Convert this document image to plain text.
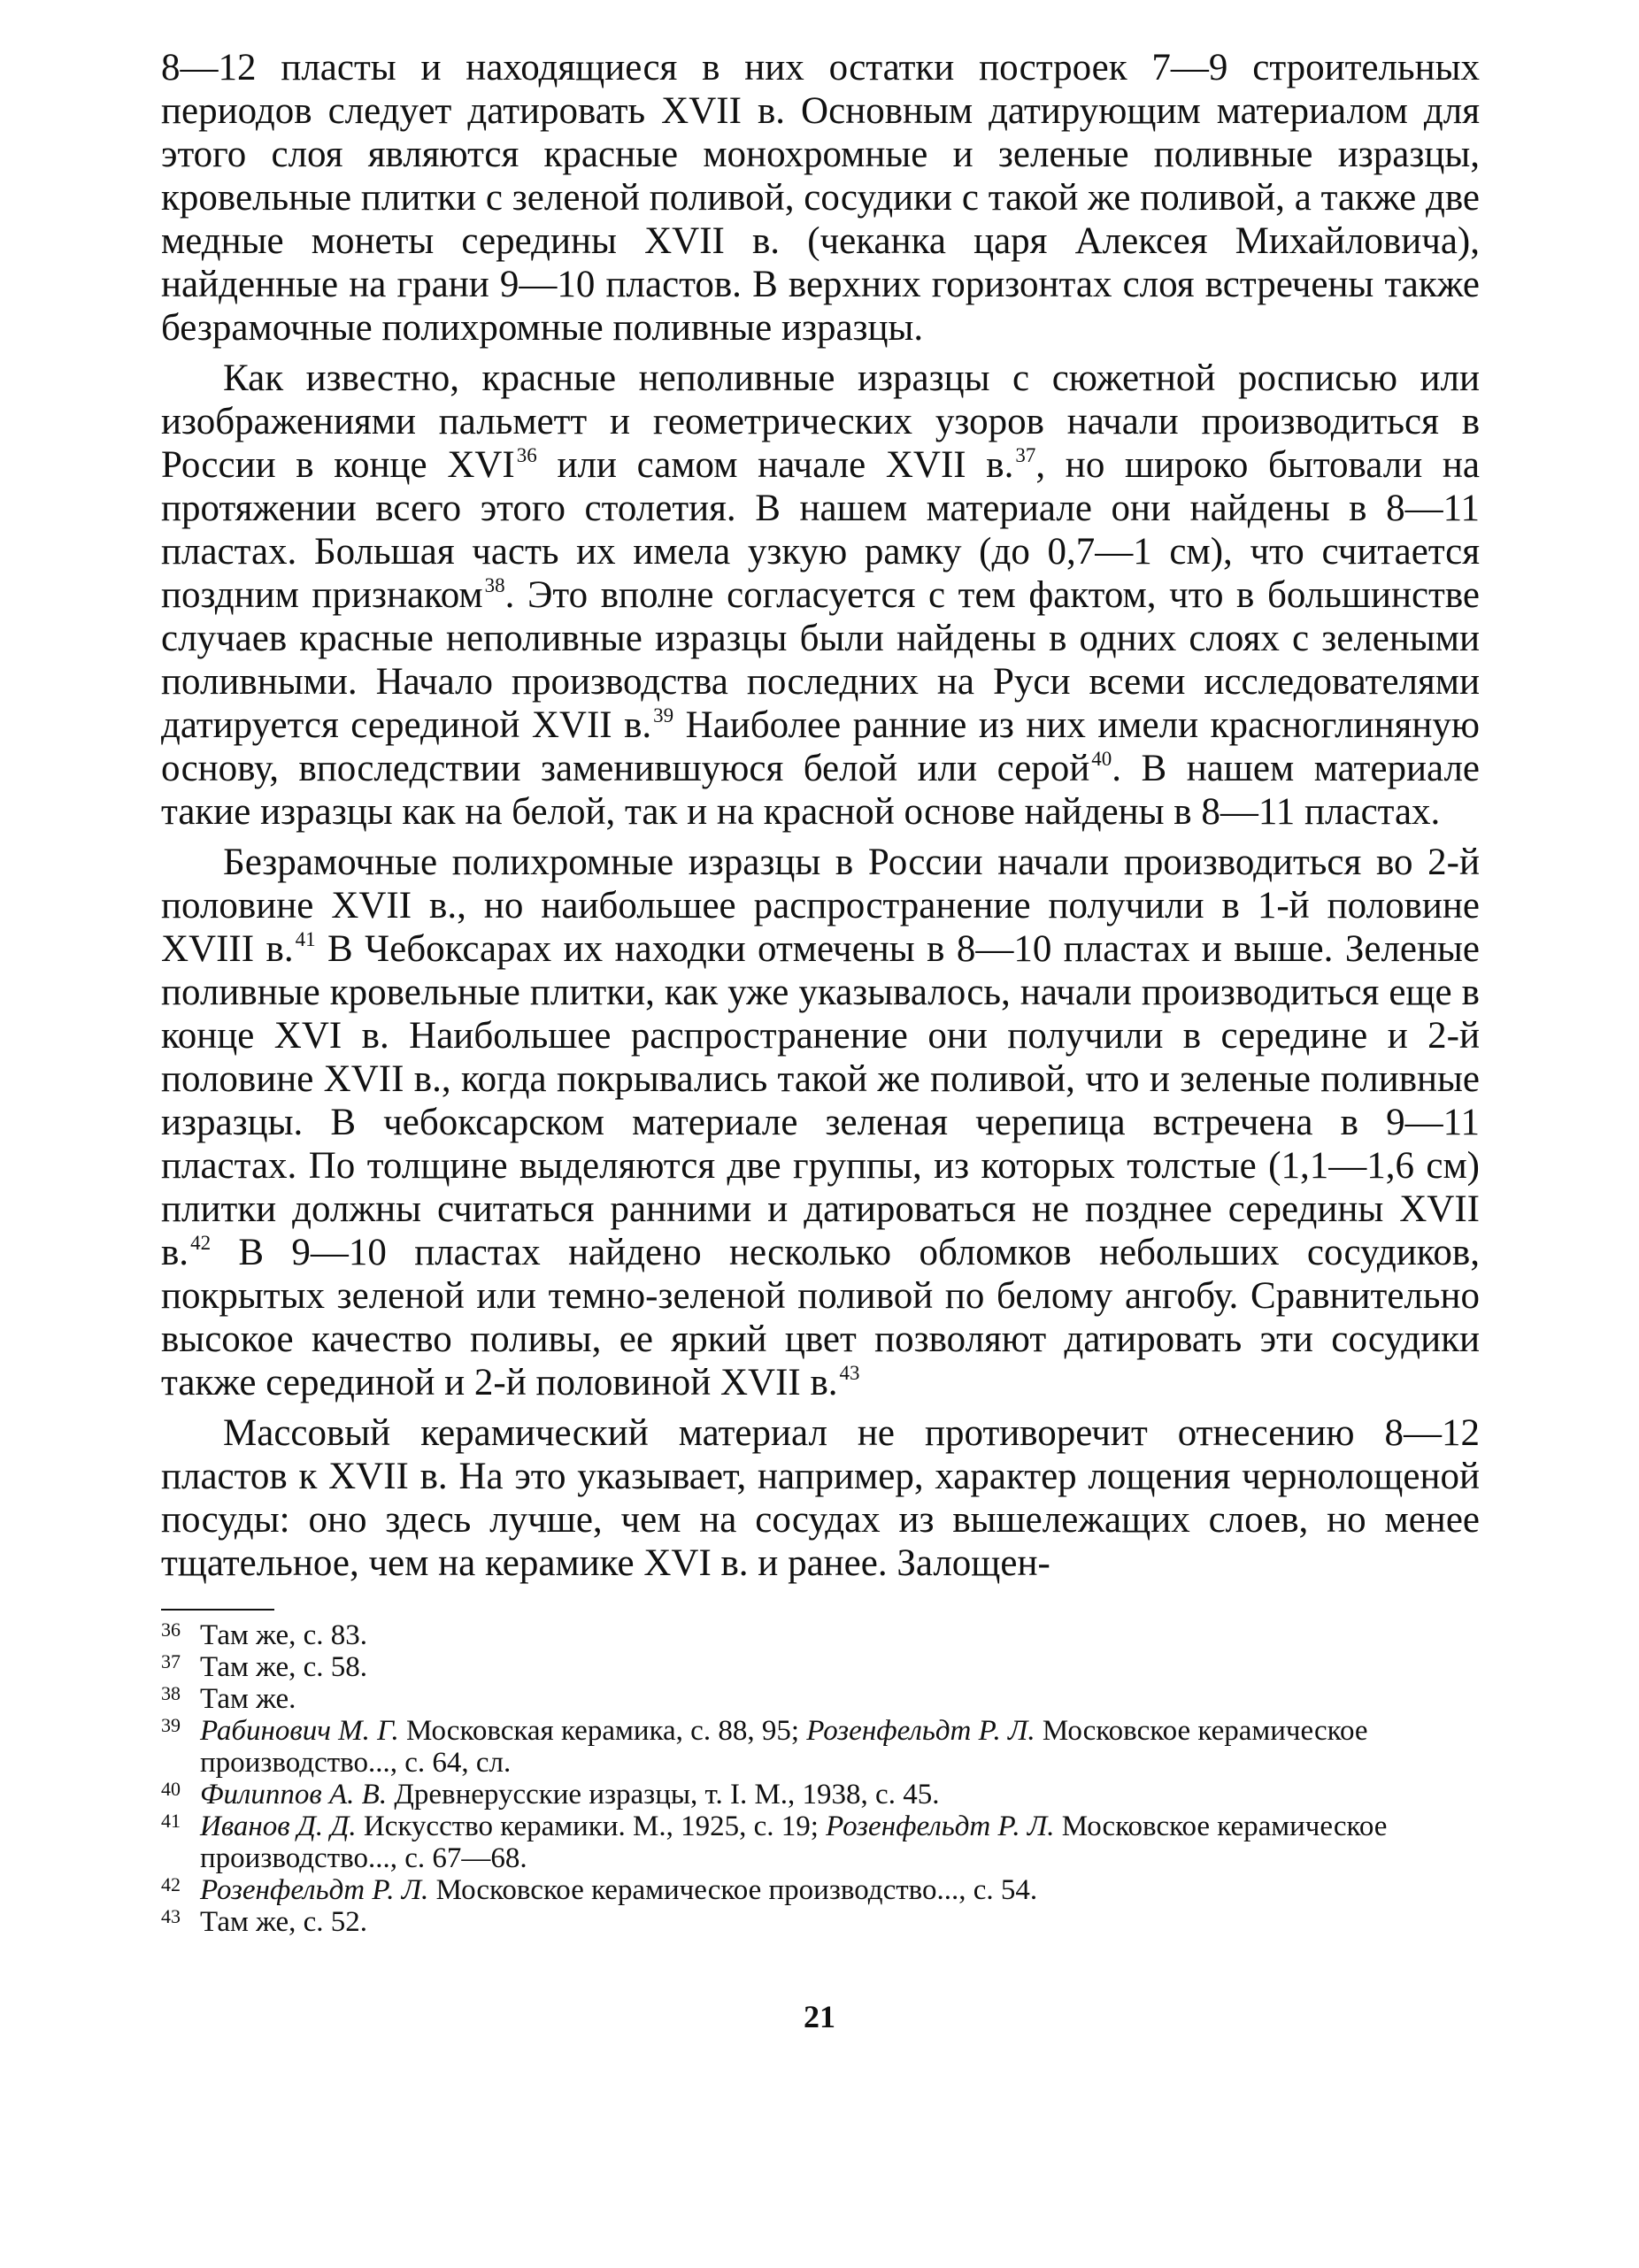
8—12 пласты и находящиеся в них остатки построек 7—9 строительных периодов следует датировать XVII в. Основным датирующим материалом для этого слоя являются красные монохромные и зеленые поливные изразцы, кровельные плитки с зеленой поливой, сосудики с такой же поливой, а также две медные монеты середины XVII в. (чеканка царя Алексея Михайловича), найденные на грани 9—10 пластов. В верхних горизонтах слоя встречены также безрамочные полихромные поливные изразцы.

Как известно, красные неполивные изразцы с сюжетной росписью или изображениями пальметт и геометрических узоров начали производиться в России в конце XVI$^{36}$ или самом начале XVII в.$^{37}$, но широко бытовали на протяжении всего этого столетия. В нашем материале они найдены в 8—11 пластах. Большая часть их имела узкую рамку (до 0,7—1 см), что считается поздним признаком$^{38}$. Это вполне согласуется с тем фактом, что в большинстве случаев красные неполивные изразцы были найдены в одних слоях с зелеными поливными. Начало производства последних на Руси всеми исследователями датируется серединой XVII в.$^{39}$ Наиболее ранние из них имели красноглиняную основу, впоследствии заменившуюся белой или серой$^{40}$. В нашем материале такие изразцы как на белой, так и на красной основе найдены в 8—11 пластах.

Безрамочные полихромные изразцы в России начали производиться во 2-й половине XVII в., но наибольшее распространение получили в 1-й половине XVIII в.$^{41}$ В Чебоксарах их находки отмечены в 8—10 пластах и выше. Зеленые поливные кровельные плитки, как уже указывалось, начали производиться еще в конце XVI в. Наибольшее распространение они получили в середине и 2-й половине XVII в., когда покрывались такой же поливой, что и зеленые поливные изразцы. В чебоксарском материале зеленая черепица встречена в 9—11 пластах. По толщине выделяются две группы, из которых толстые (1,1—1,6 см) плитки должны считаться ранними и датироваться не позднее середины XVII в.$^{42}$ В 9—10 пластах найдено несколько обломков небольших сосудиков, покрытых зеленой или темно-зеленой поливой по белому ангобу. Сравнительно высокое качество поливы, ее яркий цвет позволяют датировать эти сосудики также серединой и 2-й половиной XVII в.$^{43}$

Массовый керамический материал не противоречит отнесению 8—12 пластов к XVII в. На это указывает, например, характер лощения чернолощеной посуды: оно здесь лучше, чем на сосудах из вышележащих слоев, но менее тщательное, чем на керамике XVI в. и ранее. Залощен-

36 Там же, с. 83.

37 Там же, с. 58.

38 Там же.

39 Рабинович М. Г. Московская керамика, с. 88, 95; Розенфельдт Р. Л. Московское керамическое производство..., с. 64, сл.

40 Филиппов А. В. Древнерусские изразцы, т. I. М., 1938, с. 45.

41 Иванов Д. Д. Искусство керамики. М., 1925, с. 19; Розенфельдт Р. Л. Московское керамическое производство..., с. 67—68.

42 Розенфельдт Р. Л. Московское керамическое производство..., с. 54.

43 Там же, с. 52.

21
